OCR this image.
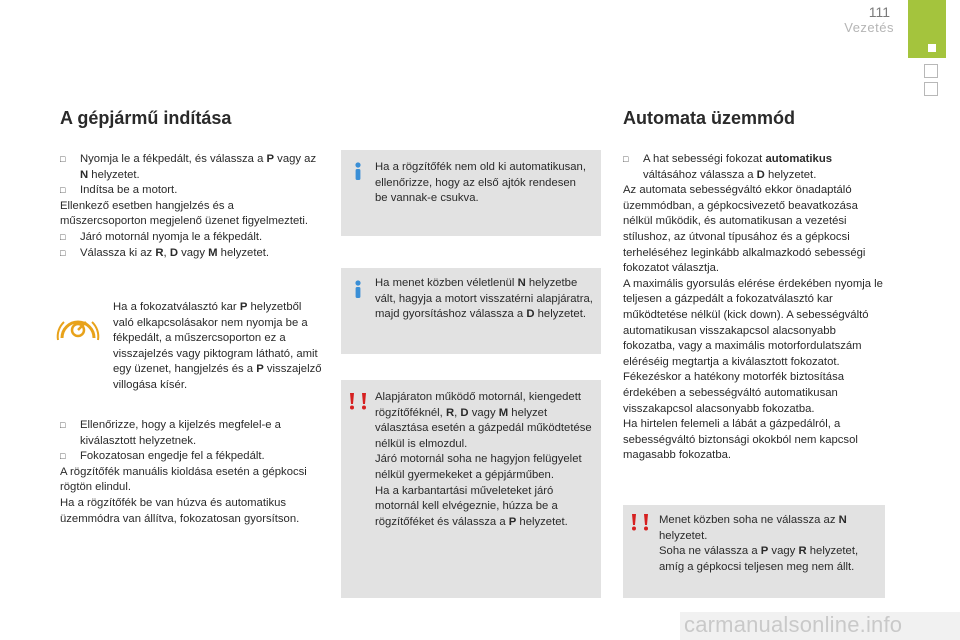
111
Vezetés
A gépjármű indítása

□ Nyomja le a fékpedált, és válassza a P vagy az N helyzetet.

□ Indítsa be a motort.

Ellenkező esetben hangjelzés és a műszercsoporton megjelenő üzenet figyelmezteti.

□ Járó motornál nyomja le a fékpedált.

□ Válassza ki az R, D vagy M helyzetet.

Ha a fokozatválasztó kar P helyzetből való elkapcsolásakor nem nyomja be a fékpedált, a műszercsoporton ez a visszajelzés vagy piktogram látható, amit egy üzenet, hangjelzés és a P visszajelző villogása kísér.

□ Ellenőrizze, hogy a kijelzés megfelel-e a kiválasztott helyzetnek.

□ Fokozatosan engedje fel a fékpedált.

A rögzítőfék manuális kioldása esetén a gépkocsi rögtön elindul.

Ha a rögzítőfék be van húzva és automatikus üzemmódra van állítva, fokozatosan gyorsítson.

Ha a rögzítőfék nem old ki automatikusan, ellenőrizze, hogy az első ajtók rendesen be vannak-e csukva.
Ha menet közben véletlenül N helyzetbe vált, hagyja a motort visszatérni alapjáratra, majd gyorsításhoz válassza a D helyzetet.

Alapjáraton működő motornál, kiengedett rögzítőféknél, R, D vagy M helyzet választása esetén a gázpedál működtetése nélkül is elmozdul.

Járó motornál soha ne hagyjon felügyelet nélkül gyermekeket a gépjárműben.

Ha a karbantartási műveleteket járó motornál kell elvégeznie, húzza be a rögzítőféket és válassza a P helyzetet.

Automata üzemmód

□ A hat sebességi fokozat automatikus váltásához válassza a D helyzetet.

Az automata sebességváltó ekkor önadaptáló üzemmódban, a gépkocsivezető beavatkozása nélkül működik, és automatikusan a vezetési stílushoz, az útvonal típusához és a gépkocsi terheléséhez leginkább alkalmazkodó sebességi fokozatot választja.

A maximális gyorsulás elérése érdekében nyomja le teljesen a gázpedált a fokozatválasztó kar működtetése nélkül (kick down). A sebességváltó automatikusan visszakapcsol alacsonyabb fokozatba, vagy a maximális motorfordulatszám eléréséig megtartja a kiválasztott fokozatot.

Fékezéskor a hatékony motorfék biztosítása érdekében a sebességváltó automatikusan visszakapcsol alacsonyabb fokozatba.

Ha hirtelen felemeli a lábát a gázpedálról, a sebességváltó biztonsági okokból nem kapcsol magasabb fokozatba.

Menet közben soha ne válassza az N helyzetet.
Soha ne válassza a P vagy R helyzetet, amíg a gépkocsi teljesen meg nem állt.
carmanualsonline.info
